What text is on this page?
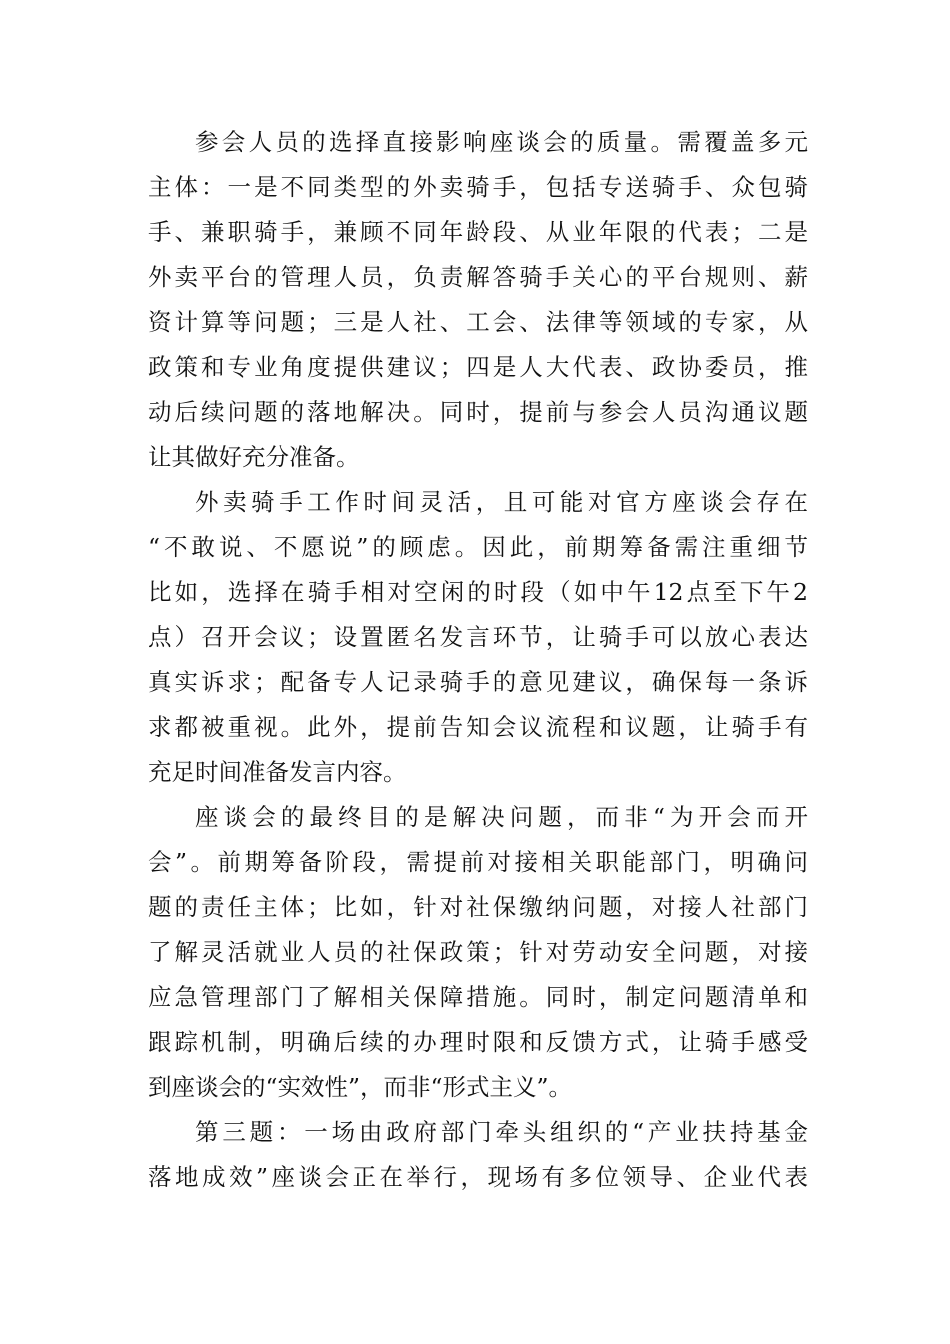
参会人员的选择直接影响座谈会的质量。需覆盖多元
主体：一是不同类型的外卖骑手，包括专送骑手、众包骑
手、兼职骑手，兼顾不同年龄段、从业年限的代表；二是
外卖平台的管理人员，负责解答骑手关心的平台规则、薪
资计算等问题；三是人社、工会、法律等领域的专家，从
政策和专业角度提供建议；四是人大代表、政协委员，推
动后续问题的落地解决。同时，提前与参会人员沟通议题
让其做好充分准备。
外卖骑手工作时间灵活，且可能对官方座谈会存在
“不敢说、不愿说”的顾虑。因此，前期筹备需注重细节
比如，选择在骑手相对空闲的时段（如中午12点至下午2
点）召开会议；设置匿名发言环节，让骑手可以放心表达
真实诉求；配备专人记录骑手的意见建议，确保每一条诉
求都被重视。此外，提前告知会议流程和议题，让骑手有
充足时间准备发言内容。
座谈会的最终目的是解决问题，而非“为开会而开
会”。前期筹备阶段，需提前对接相关职能部门，明确问
题的责任主体；比如，针对社保缴纳问题，对接人社部门
了解灵活就业人员的社保政策；针对劳动安全问题，对接
应急管理部门了解相关保障措施。同时，制定问题清单和
跟踪机制，明确后续的办理时限和反馈方式，让骑手感受
到座谈会的“实效性”，而非“形式主义”。
第三题：一场由政府部门牵头组织的“产业扶持基金
落地成效”座谈会正在举行，现场有多位领导、企业代表
